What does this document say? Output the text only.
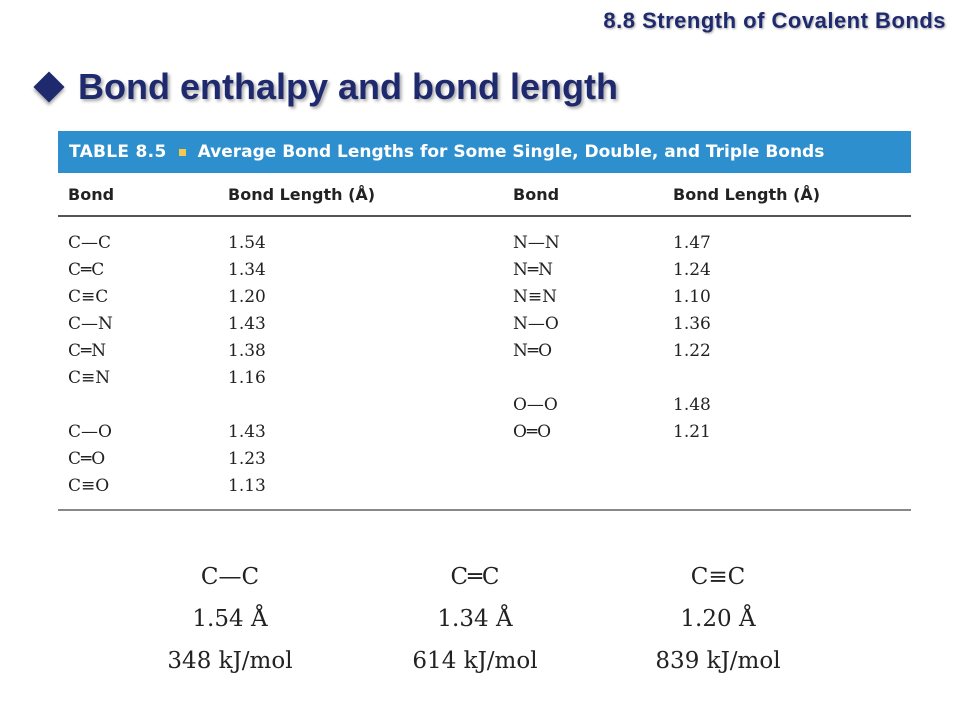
8.8 Strength of Covalent Bonds
Bond enthalpy and bond length
TABLE 8.5 Average Bond Lengths for Some Single, Double, and Triple Bonds
Bond	Bond Length (Å)	Bond	Bond Length (Å)
C—C	1.54	N—N	1.47
C═C	1.34	N═N	1.24
C≡C	1.20	N≡N	1.10
C—N	1.43	N—O	1.36
C═N	1.38	N═O	1.22
C≡N	1.16		
		O—O	1.48
C—O	1.43	O═O	1.21
C═O	1.23		
C≡O	1.13		
C—C
1.54 Å
348 kJ/mol
C═C
1.34 Å
614 kJ/mol
C≡C
1.20 Å
839 kJ/mol
